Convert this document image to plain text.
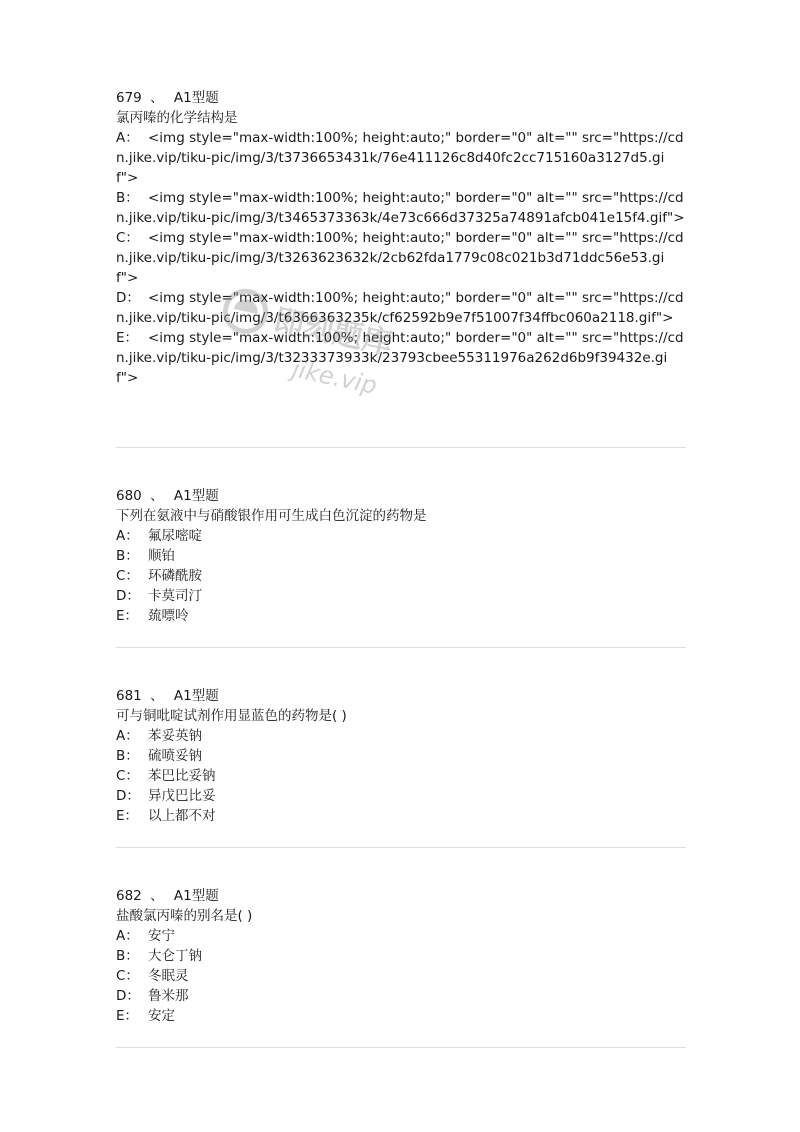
679 、 A1型题
氯丙嗪的化学结构是
A： <img style="max-width:100%; height:auto;" border="0" alt="" src="https://cdn.jike.vip/tiku-pic/img/3/t3736653431k/76e411126c8d40fc2cc715160a3127d5.gif">
B： <img style="max-width:100%; height:auto;" border="0" alt="" src="https://cdn.jike.vip/tiku-pic/img/3/t3465373363k/4e73c666d37325a74891afcb041e15f4.gif">
C： <img style="max-width:100%; height:auto;" border="0" alt="" src="https://cdn.jike.vip/tiku-pic/img/3/t3263623632k/2cb62fda1779c08c021b3d71ddc56e53.gif">
D： <img style="max-width:100%; height:auto;" border="0" alt="" src="https://cdn.jike.vip/tiku-pic/img/3/t6366363235k/cf62592b9e7f51007f34ffbc060a2118.gif">
E： <img style="max-width:100%; height:auto;" border="0" alt="" src="https://cdn.jike.vip/tiku-pic/img/3/t3233373933k/23793cbee55311976a262d6b9f39432e.gif">
680 、 A1型题
下列在氨液中与硝酸银作用可生成白色沉淀的药物是
A： 氟尿嘧啶
B： 顺铂
C： 环磷酰胺
D： 卡莫司汀
E： 巯嘌呤
681 、 A1型题
可与铜吡啶试剂作用显蓝色的药物是( )
A： 苯妥英钠
B： 硫喷妥钠
C： 苯巴比妥钠
D： 异戊巴比妥
E： 以上都不对
682 、 A1型题
盐酸氯丙嗪的别名是( )
A： 安宁
B： 大仑丁钠
C： 冬眠灵
D： 鲁米那
E： 安定
即刻题库
jike.vip
